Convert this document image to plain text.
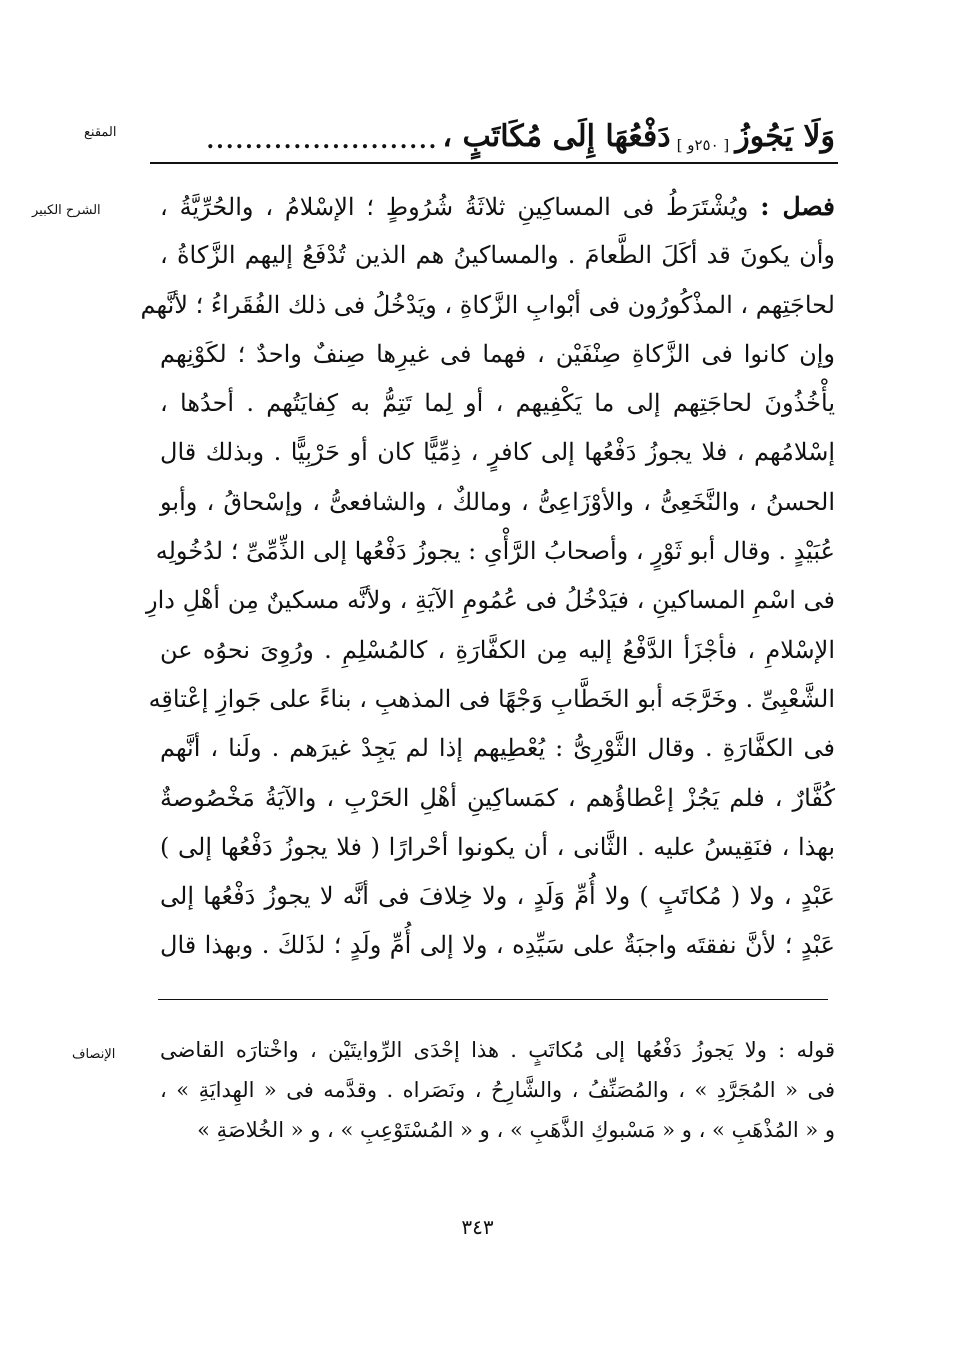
المقنع
الشرح الكبير
الإنصاف
وَلَا يَجُوزُ
[ ٢٥٠و ]
دَفْعُهَا إِلَى مُكَاتَبٍ ،
........................
فصل : ويُشْتَرَطُ فى المساكِينِ ثلاثَةُ شُرُوطٍ ؛ الإسْلامُ ، والحُرِّيَّةُ ،
وأن يكونَ قد أكَلَ الطَّعامَ . والمساكينُ هم الذين تُدْفَعُ إليهم الزَّكاةُ ،
لحاجَتِهم ، المذْكُورُون فى أبْوابِ الزَّكاةِ ، ويَدْخُلُ فى ذلك الفُقَراءُ ؛ لأنَّهم
وإن كانوا فى الزَّكاةِ صِنْفَيْن ، فهما فى غيرِها صِنفٌ واحدٌ ؛ لكَوْنِهم
يأْخُذُونَ لحاجَتِهم إلى ما يَكْفِيهم ، أو لِما تَتِمُّ به كِفايَتُهم . أحدُها ،
إسْلامُهم ، فلا يجوزُ دَفْعُها إلى كافرٍ ، ذِمِّيًّا كان أو حَرْبِيًّا . وبذلك قال
الحسنُ ، والنَّخَعِىُّ ، والأوْزَاعِىُّ ، ومالكٌ ، والشافعىُّ ، وإسْحاقُ ، وأبو
عُبَيْدٍ . وقال أبو ثَوْرٍ ، وأصحابُ الرَّأْىِ : يجوزُ دَفْعُها إلى الذِّمِّىِّ ؛ لدُخُولِه
فى اسْمِ المساكينِ ، فيَدْخُلُ فى عُمُومِ الآيَةِ ، ولأنَّه مسكينٌ مِن أهْلِ دارِ
الإسْلامِ ، فأجْزَأ الدَّفْعُ إليه مِن الكفَّارَةِ ، كالمُسْلِمِ . ورُوِىَ نحوُه عن
الشَّعْبِىِّ . وخَرَّجَه أبو الخَطَّابِ وَجْهًا فى المذهبِ ، بناءً على جَوازِ إعْتاقِه
فى الكفَّارَةِ . وقال الثَّوْرِىُّ : يُعْطِيهم إذا لم يَجِدْ غيرَهم . ولَنا ، أنَّهم
كُفَّارٌ ، فلم يَجُزْ إعْطاؤُهم ، كمَساكِينِ أهْلِ الحَرْبِ ، والآيَةُ مَخْصُوصةٌ
بهذا ، فنَقِيسُ عليه . الثَّانى ، أن يكونوا أحْرارًا ( فلا يجوزُ دَفْعُها إلى )
عَبْدٍ ، ولا ( مُكاتَبٍ ) ولا أُمِّ وَلَدٍ ، ولا خِلافَ فى أنَّه لا يجوزُ دَفْعُها إلى
عَبْدٍ ؛ لأنَّ نفقتَه واجبَةٌ على سَيِّدِه ، ولا إلى أُمِّ ولَدٍ ؛ لذَلكَ . وبهذا قال
قوله : ولا يَجوزُ دَفْعُها إلى مُكاتَبٍ . هذا إحْدَى الرِّوايتَيْن ، واخْتارَه القاضى
فى « المُجَرَّدِ » ، والمُصَنِّفُ ، والشَّارِحُ ، ونَصَراه . وقدَّمه فى « الهِدايَةِ » ،
و « المُذْهَبِ » ، و « مَسْبوكِ الذَّهَبِ » ، و « المُسْتَوْعِبِ » ، و « الخُلاصَةِ »
٣٤٣
